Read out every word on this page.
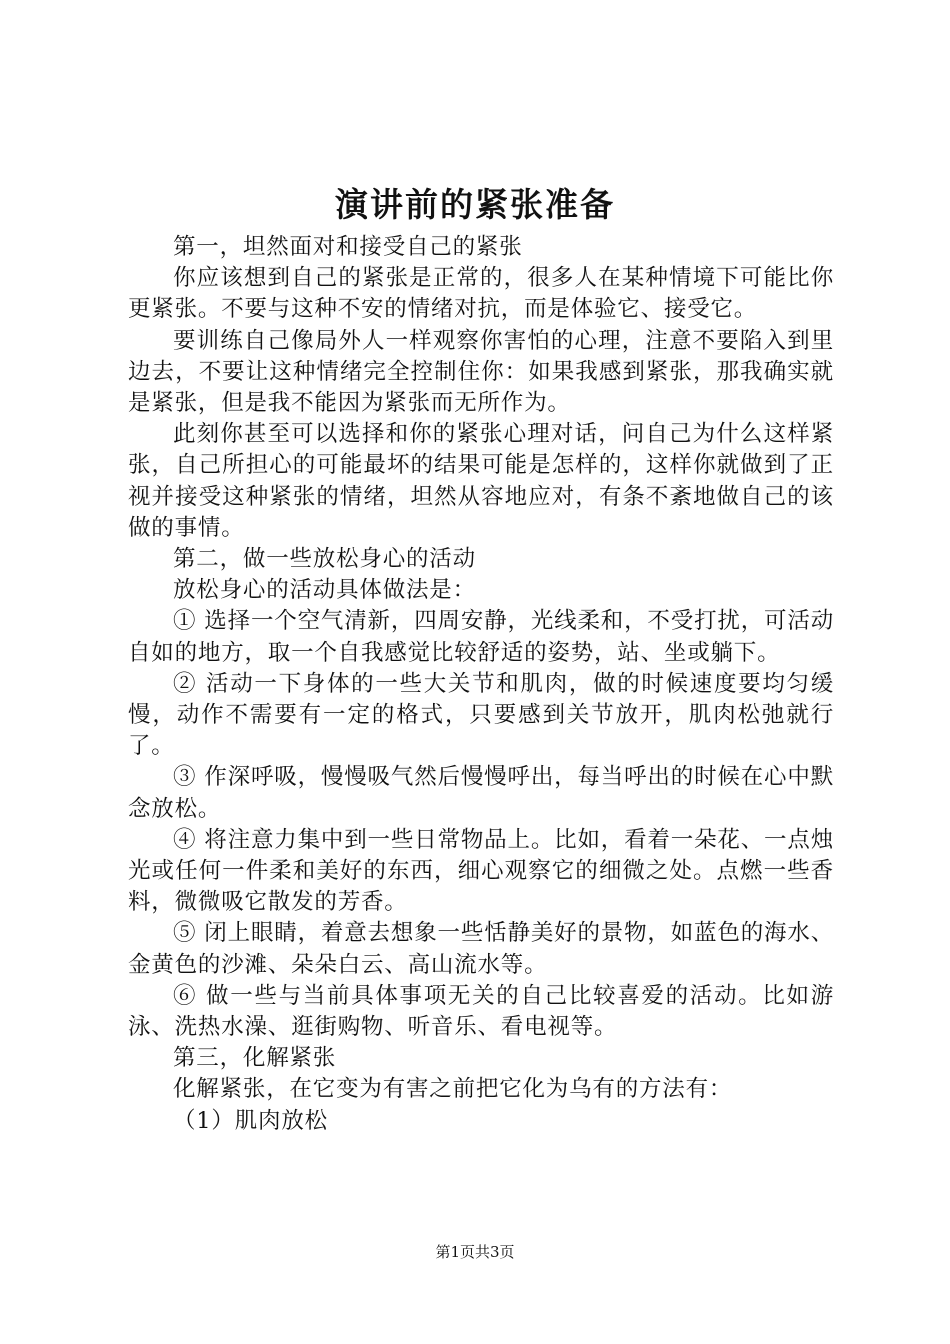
演讲前的紧张准备

第一，坦然面对和接受自己的紧张

你应该想到自己的紧张是正常的，很多人在某种情境下可能比你更紧张。不要与这种不安的情绪对抗，而是体验它、接受它。

要训练自己像局外人一样观察你害怕的心理，注意不要陷入到里边去，不要让这种情绪完全控制住你：如果我感到紧张，那我确实就是紧张，但是我不能因为紧张而无所作为。

此刻你甚至可以选择和你的紧张心理对话，问自己为什么这样紧张，自己所担心的可能最坏的结果可能是怎样的，这样你就做到了正视并接受这种紧张的情绪，坦然从容地应对，有条不紊地做自己的该做的事情。

第二，做一些放松身心的活动

放松身心的活动具体做法是：

① 选择一个空气清新，四周安静，光线柔和，不受打扰，可活动自如的地方，取一个自我感觉比较舒适的姿势，站、坐或躺下。

② 活动一下身体的一些大关节和肌肉，做的时候速度要均匀缓慢，动作不需要有一定的格式，只要感到关节放开，肌肉松弛就行了。

③ 作深呼吸，慢慢吸气然后慢慢呼出，每当呼出的时候在心中默念放松。

④ 将注意力集中到一些日常物品上。比如，看着一朵花、一点烛光或任何一件柔和美好的东西，细心观察它的细微之处。点燃一些香料，微微吸它散发的芳香。

⑤ 闭上眼睛，着意去想象一些恬静美好的景物，如蓝色的海水、金黄色的沙滩、朵朵白云、高山流水等。

⑥ 做一些与当前具体事项无关的自己比较喜爱的活动。比如游泳、洗热水澡、逛街购物、听音乐、看电视等。

第三，化解紧张

化解紧张，在它变为有害之前把它化为乌有的方法有：

（1）肌肉放松

第1页共3页
